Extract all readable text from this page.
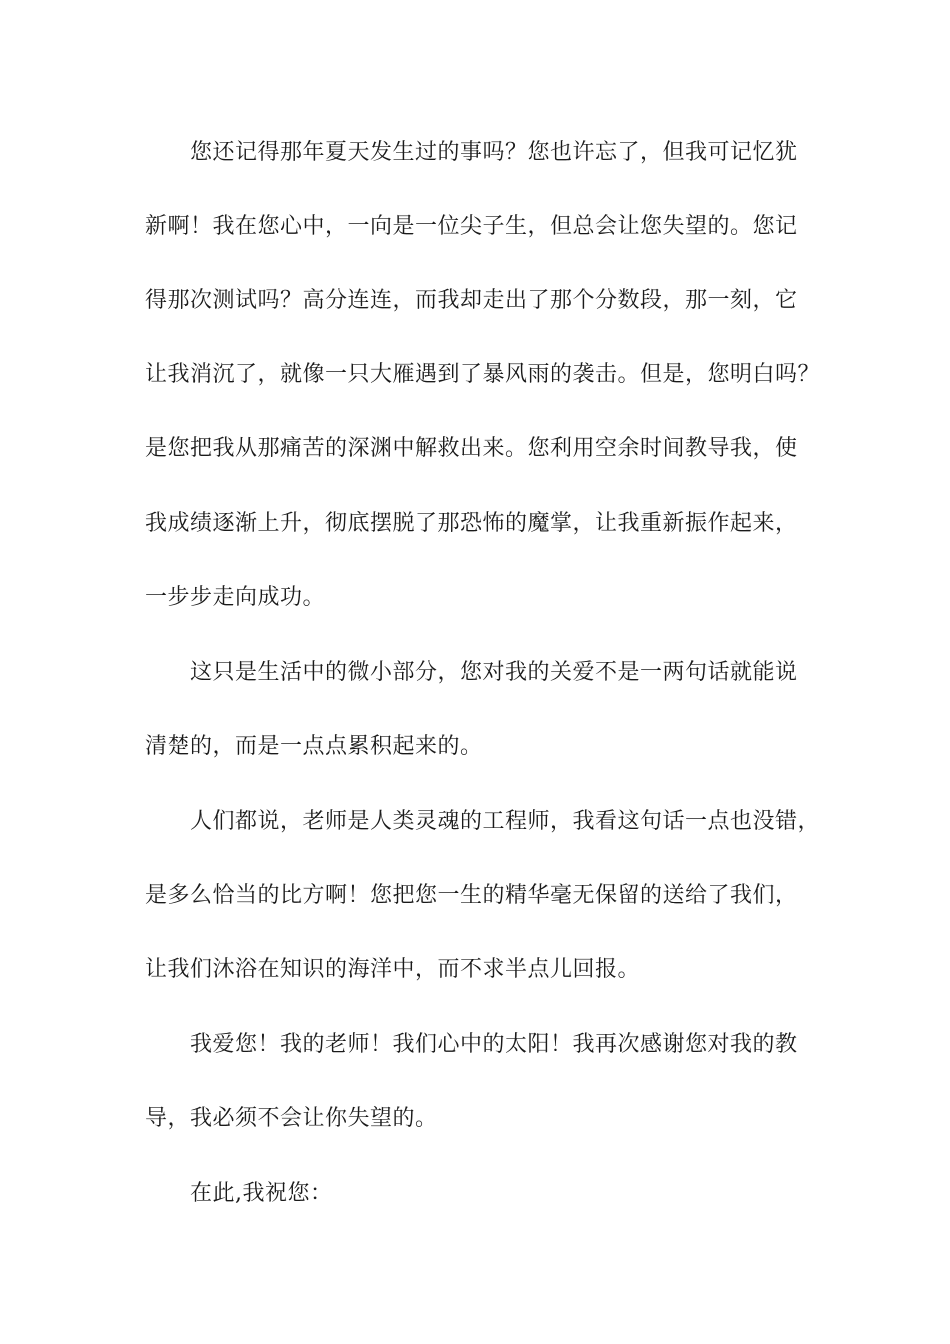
您还记得那年夏天发生过的事吗？您也许忘了，但我可记忆犹
新啊！我在您心中，一向是一位尖子生，但总会让您失望的。您记
得那次测试吗？高分连连，而我却走出了那个分数段，那一刻，它
让我消沉了，就像一只大雁遇到了暴风雨的袭击。但是，您明白吗？
是您把我从那痛苦的深渊中解救出来。您利用空余时间教导我，使
我成绩逐渐上升，彻底摆脱了那恐怖的魔掌，让我重新振作起来，
一步步走向成功。
这只是生活中的微小部分，您对我的关爱不是一两句话就能说
清楚的，而是一点点累积起来的。
人们都说，老师是人类灵魂的工程师，我看这句话一点也没错，
是多么恰当的比方啊！您把您一生的精华毫无保留的送给了我们，
让我们沐浴在知识的海洋中，而不求半点儿回报。
我爱您！我的老师！我们心中的太阳！我再次感谢您对我的教
导，我必须不会让你失望的。
在此,我祝您：
